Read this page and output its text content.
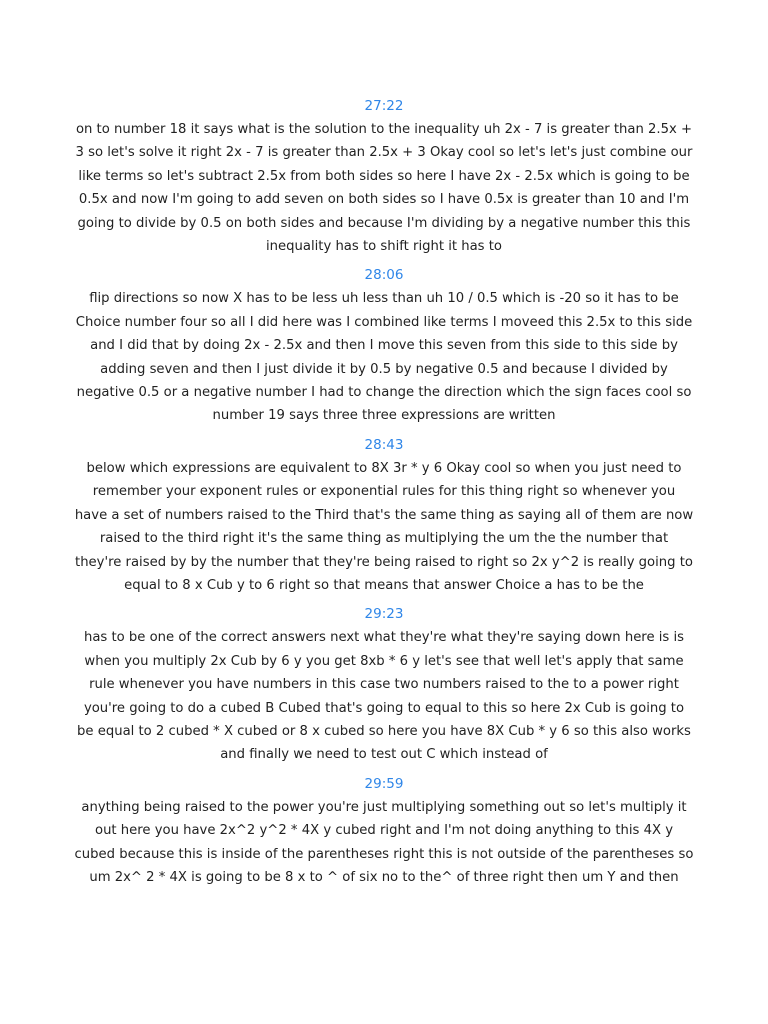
27:22
on to number 18 it says what is the solution to the inequality uh 2x - 7 is greater than 2.5x +
3 so let's solve it right 2x - 7 is greater than 2.5x + 3 Okay cool so let's let's just combine our
like terms so let's subtract 2.5x from both sides so here I have 2x - 2.5x which is going to be
0.5x and now I'm going to add seven on both sides so I have 0.5x is greater than 10 and I'm
going to divide by 0.5 on both sides and because I'm dividing by a negative number this this
inequality has to shift right it has to
28:06
flip directions so now X has to be less uh less than uh 10 / 0.5 which is -20 so it has to be
Choice number four so all I did here was I combined like terms I moveed this 2.5x to this side
and I did that by doing 2x - 2.5x and then I move this seven from this side to this side by
adding seven and then I just divide it by 0.5 by negative 0.5 and because I divided by
negative 0.5 or a negative number I had to change the direction which the sign faces cool so
number 19 says three three expressions are written
28:43
below which expressions are equivalent to 8X 3r * y 6 Okay cool so when you just need to
remember your exponent rules or exponential rules for this thing right so whenever you
have a set of numbers raised to the Third that's the same thing as saying all of them are now
raised to the third right it's the same thing as multiplying the um the the number that
they're raised by by the number that they're being raised to right so 2x y^2 is really going to
equal to 8 x Cub y to 6 right so that means that answer Choice a has to be the
29:23
has to be one of the correct answers next what they're what they're saying down here is is
when you multiply 2x Cub by 6 y you get 8xb * 6 y let's see that well let's apply that same
rule whenever you have numbers in this case two numbers raised to the to a power right
you're going to do a cubed B Cubed that's going to equal to this so here 2x Cub is going to
be equal to 2 cubed * X cubed or 8 x cubed so here you have 8X Cub * y 6 so this also works
and finally we need to test out C which instead of
29:59
anything being raised to the power you're just multiplying something out so let's multiply it
out here you have 2x^2 y^2 * 4X y cubed right and I'm not doing anything to this 4X y
cubed because this is inside of the parentheses right this is not outside of the parentheses so
um 2x^ 2 * 4X is going to be 8 x to ^ of six no to the^ of three right then um Y and then
